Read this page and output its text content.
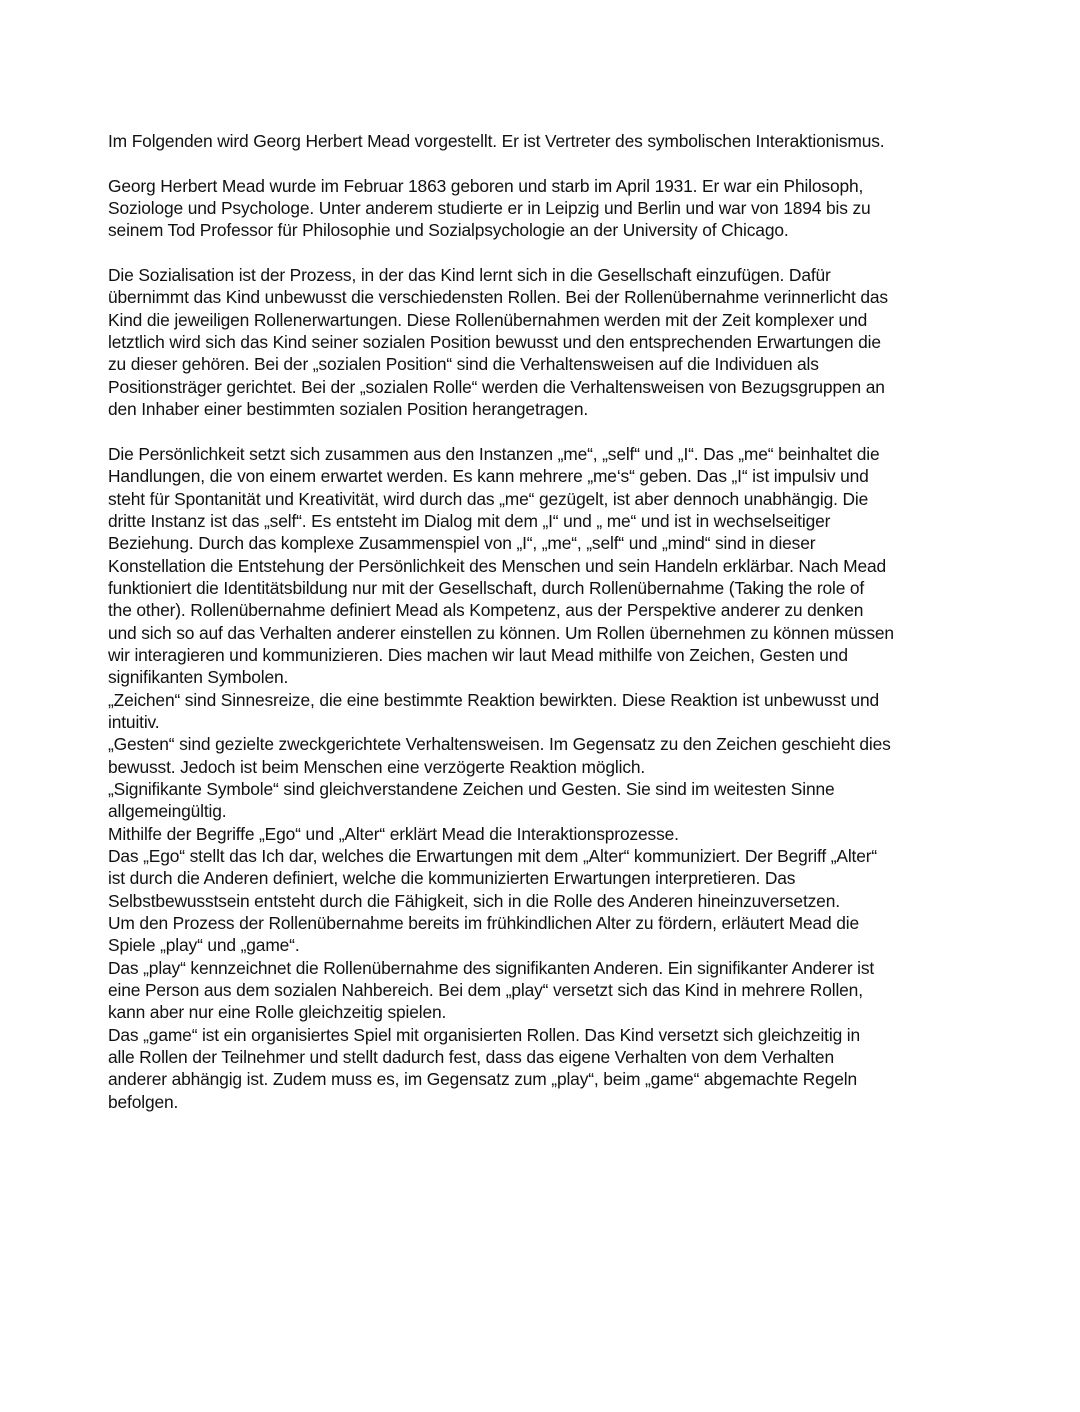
Im Folgenden wird Georg Herbert Mead vorgestellt. Er ist Vertreter des symbolischen Interaktionismus.

Georg Herbert Mead wurde im Februar 1863 geboren und starb im April 1931. Er war ein Philosoph,
Soziologe und Psychologe. Unter anderem studierte er in Leipzig und Berlin und war von 1894 bis zu
seinem Tod Professor für Philosophie und Sozialpsychologie an der University of Chicago.

Die Sozialisation ist der Prozess, in der das Kind lernt sich in die Gesellschaft einzufügen. Dafür
übernimmt das Kind unbewusst die verschiedensten Rollen. Bei der Rollenübernahme verinnerlicht das
Kind die jeweiligen Rollenerwartungen. Diese Rollenübernahmen werden mit der Zeit komplexer und
letztlich wird sich das Kind seiner sozialen Position bewusst und den entsprechenden Erwartungen die
zu dieser gehören. Bei der „sozialen Position“ sind die Verhaltensweisen auf die Individuen als
Positionsträger gerichtet. Bei der „sozialen Rolle“ werden die Verhaltensweisen von Bezugsgruppen an
den Inhaber einer bestimmten sozialen Position herangetragen.

Die Persönlichkeit setzt sich zusammen aus den Instanzen „me“, „self“ und „I“. Das „me“ beinhaltet die
Handlungen, die von einem erwartet werden. Es kann mehrere „me‘s“ geben. Das „I“ ist impulsiv und
steht für Spontanität und Kreativität, wird durch das „me“ gezügelt, ist aber dennoch unabhängig. Die
dritte Instanz ist das „self“. Es entsteht im Dialog mit dem „I“ und „ me“ und ist in wechselseitiger
Beziehung. Durch das komplexe Zusammenspiel von „I“, „me“, „self“ und „mind“ sind in dieser
Konstellation die Entstehung der Persönlichkeit des Menschen und sein Handeln erklärbar. Nach Mead
funktioniert die Identitätsbildung nur mit der Gesellschaft, durch Rollenübernahme (Taking the role of
the other). Rollenübernahme definiert Mead als Kompetenz, aus der Perspektive anderer zu denken
und sich so auf das Verhalten anderer einstellen zu können. Um Rollen übernehmen zu können müssen
wir interagieren und kommunizieren. Dies machen wir laut Mead mithilfe von Zeichen, Gesten und
signifikanten Symbolen.
„Zeichen“ sind Sinnesreize, die eine bestimmte Reaktion bewirkten. Diese Reaktion ist unbewusst und
intuitiv.
„Gesten“ sind gezielte zweckgerichtete Verhaltensweisen. Im Gegensatz zu den Zeichen geschieht dies
bewusst. Jedoch ist beim Menschen eine verzögerte Reaktion möglich.
„Signifikante Symbole“ sind gleichverstandene Zeichen und Gesten. Sie sind im weitesten Sinne
allgemeingültig.
Mithilfe der Begriffe „Ego“ und „Alter“ erklärt Mead die Interaktionsprozesse.
Das „Ego“ stellt das Ich dar, welches die Erwartungen mit dem „Alter“ kommuniziert. Der Begriff „Alter“
ist durch die Anderen definiert, welche die kommunizierten Erwartungen interpretieren. Das
Selbstbewusstsein entsteht durch die Fähigkeit, sich in die Rolle des Anderen hineinzuversetzen.
Um den Prozess der Rollenübernahme bereits im frühkindlichen Alter zu fördern, erläutert Mead die
Spiele „play“ und „game“.
Das „play“ kennzeichnet die Rollenübernahme des signifikanten Anderen. Ein signifikanter Anderer ist
eine Person aus dem sozialen Nahbereich. Bei dem „play“ versetzt sich das Kind in mehrere Rollen,
kann aber nur eine Rolle gleichzeitig spielen.
Das „game“ ist ein organisiertes Spiel mit organisierten Rollen. Das Kind versetzt sich gleichzeitig in
alle Rollen der Teilnehmer und stellt dadurch fest, dass das eigene Verhalten von dem Verhalten
anderer abhängig ist. Zudem muss es, im Gegensatz zum „play“, beim „game“ abgemachte Regeln
befolgen.
